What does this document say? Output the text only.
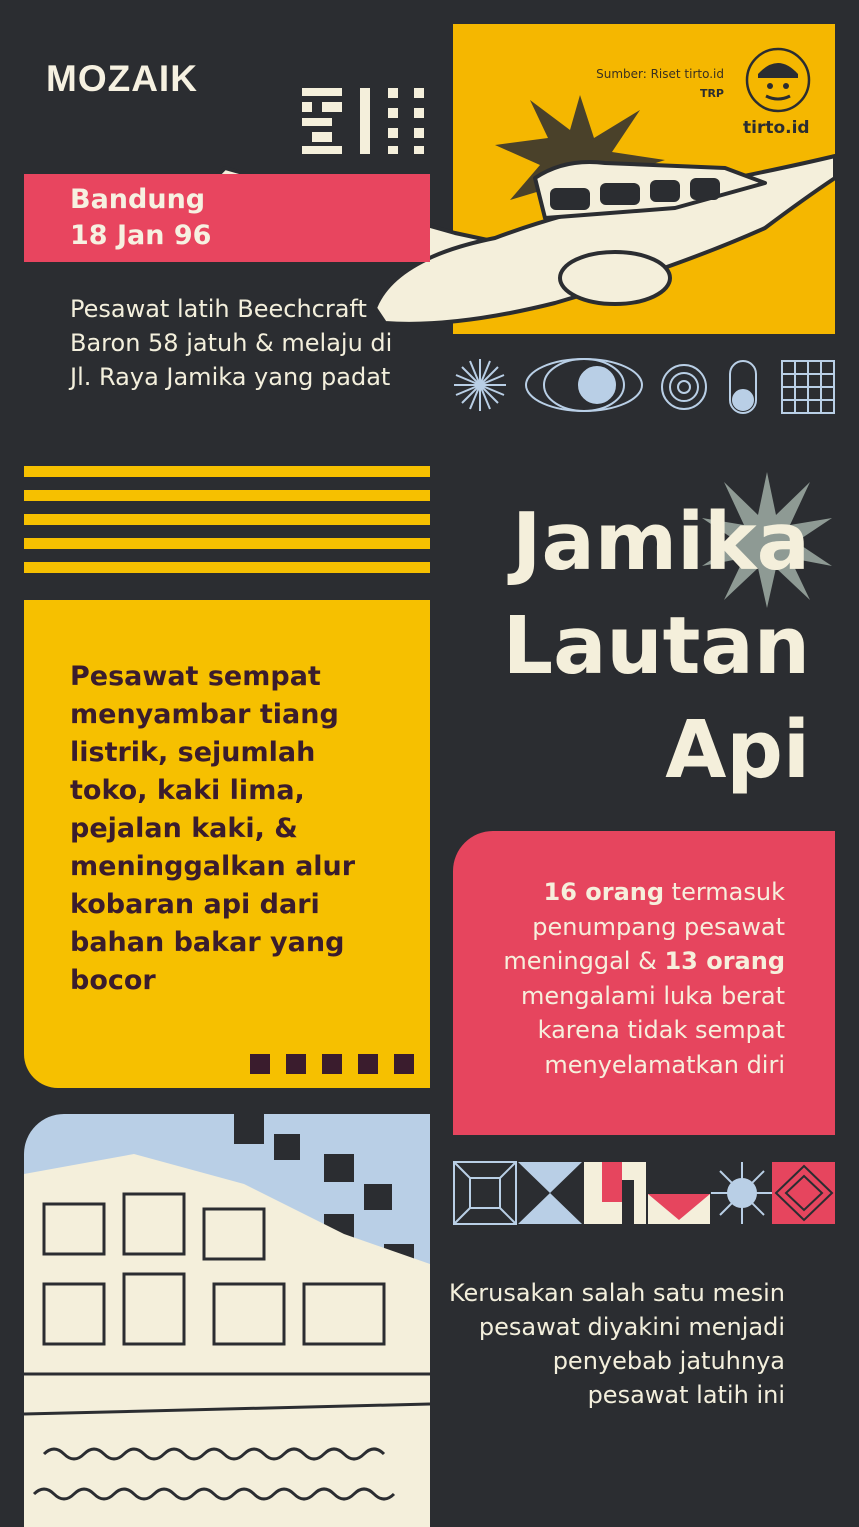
MOZAIK	Sumber: Riset tirto.id
TRP
tirto.id
Bandung
18 Jan 96
Pesawat latih Beechcraft Baron 58 jatuh & melaju di Jl. Raya Jamika yang padat
Jamika
Lautan
Api
Pesawat sempat menyambar tiang listrik, sejumlah toko, kaki lima, pejalan kaki, & meninggalkan alur kobaran api dari bahan bakar yang bocor
16 orang termasuk penumpang pesawat meninggal & 13 orang mengalami luka berat karena tidak sempat menyelamatkan diri
Kerusakan salah satu mesin pesawat diyakini menjadi penyebab jatuhnya pesawat latih ini
